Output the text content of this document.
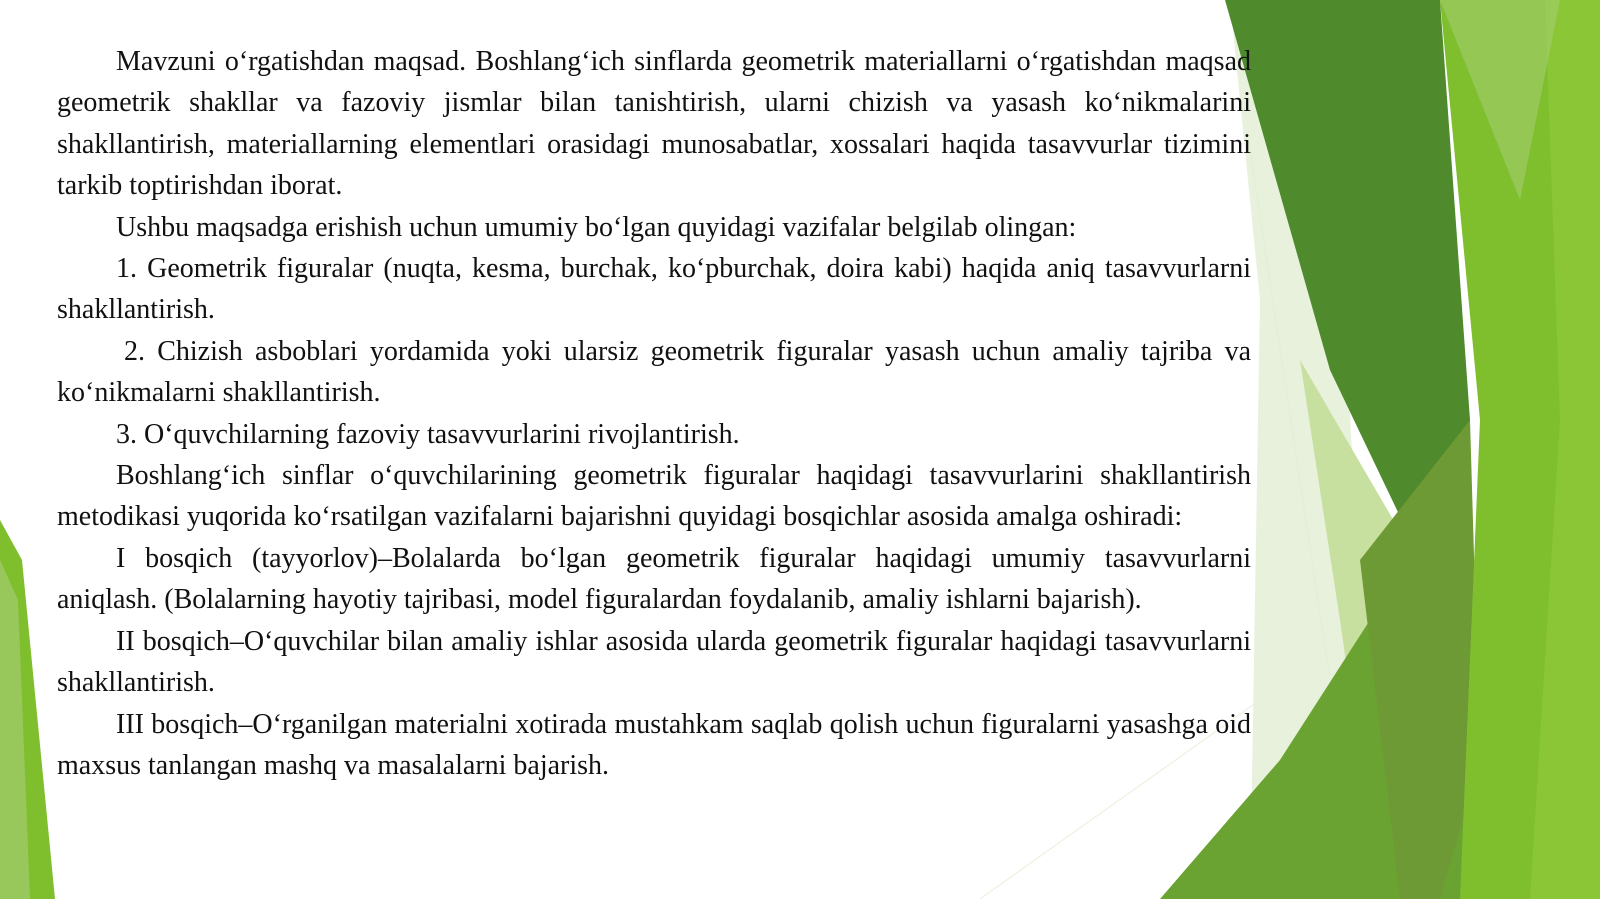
Mavzuni o‘rgatishdan maqsad. Boshlang‘ich sinflarda geometrik materiallarni o‘rgatishdan maqsad geometrik shakllar va fazoviy jismlar bilan tanishtirish, ularni chizish va yasash ko‘nikmalarini shakllantirish, materiallarning elementlari orasidagi munosabatlar, xossalari haqida tasavvurlar tizimini tarkib toptirishdan iborat.

Ushbu maqsadga erishish uchun umumiy bo‘lgan quyidagi vazifalar belgilab olingan:

1. Geometrik figuralar (nuqta, kesma, burchak, ko‘pburchak, doira kabi) haqida aniq tasavvurlarni shakllantirish.

2. Chizish asboblari yordamida yoki ularsiz geometrik figuralar yasash uchun amaliy tajriba va ko‘nikmalarni shakllantirish.

3. O‘quvchilarning fazoviy tasavvurlarini rivojlantirish.

Boshlang‘ich sinflar o‘quvchilarining geometrik figuralar haqidagi tasavvurlarini shakllantirish metodikasi yuqorida ko‘rsatilgan vazifalarni bajarishni quyidagi bosqichlar asosida amalga oshiradi:

I bosqich (tayyorlov)–Bolalarda bo‘lgan geometrik figuralar haqidagi umumiy tasavvurlarni aniqlash. (Bolalarning hayotiy tajribasi, model figuralardan foydalanib, amaliy ishlarni bajarish).

II bosqich–O‘quvchilar bilan amaliy ishlar asosida ularda geometrik figuralar haqidagi tasavvurlarni shakllantirish.

III bosqich–O‘rganilgan materialni xotirada mustahkam saqlab qolish uchun figuralarni yasashga oid maxsus tanlangan mashq va masalalarni bajarish.
